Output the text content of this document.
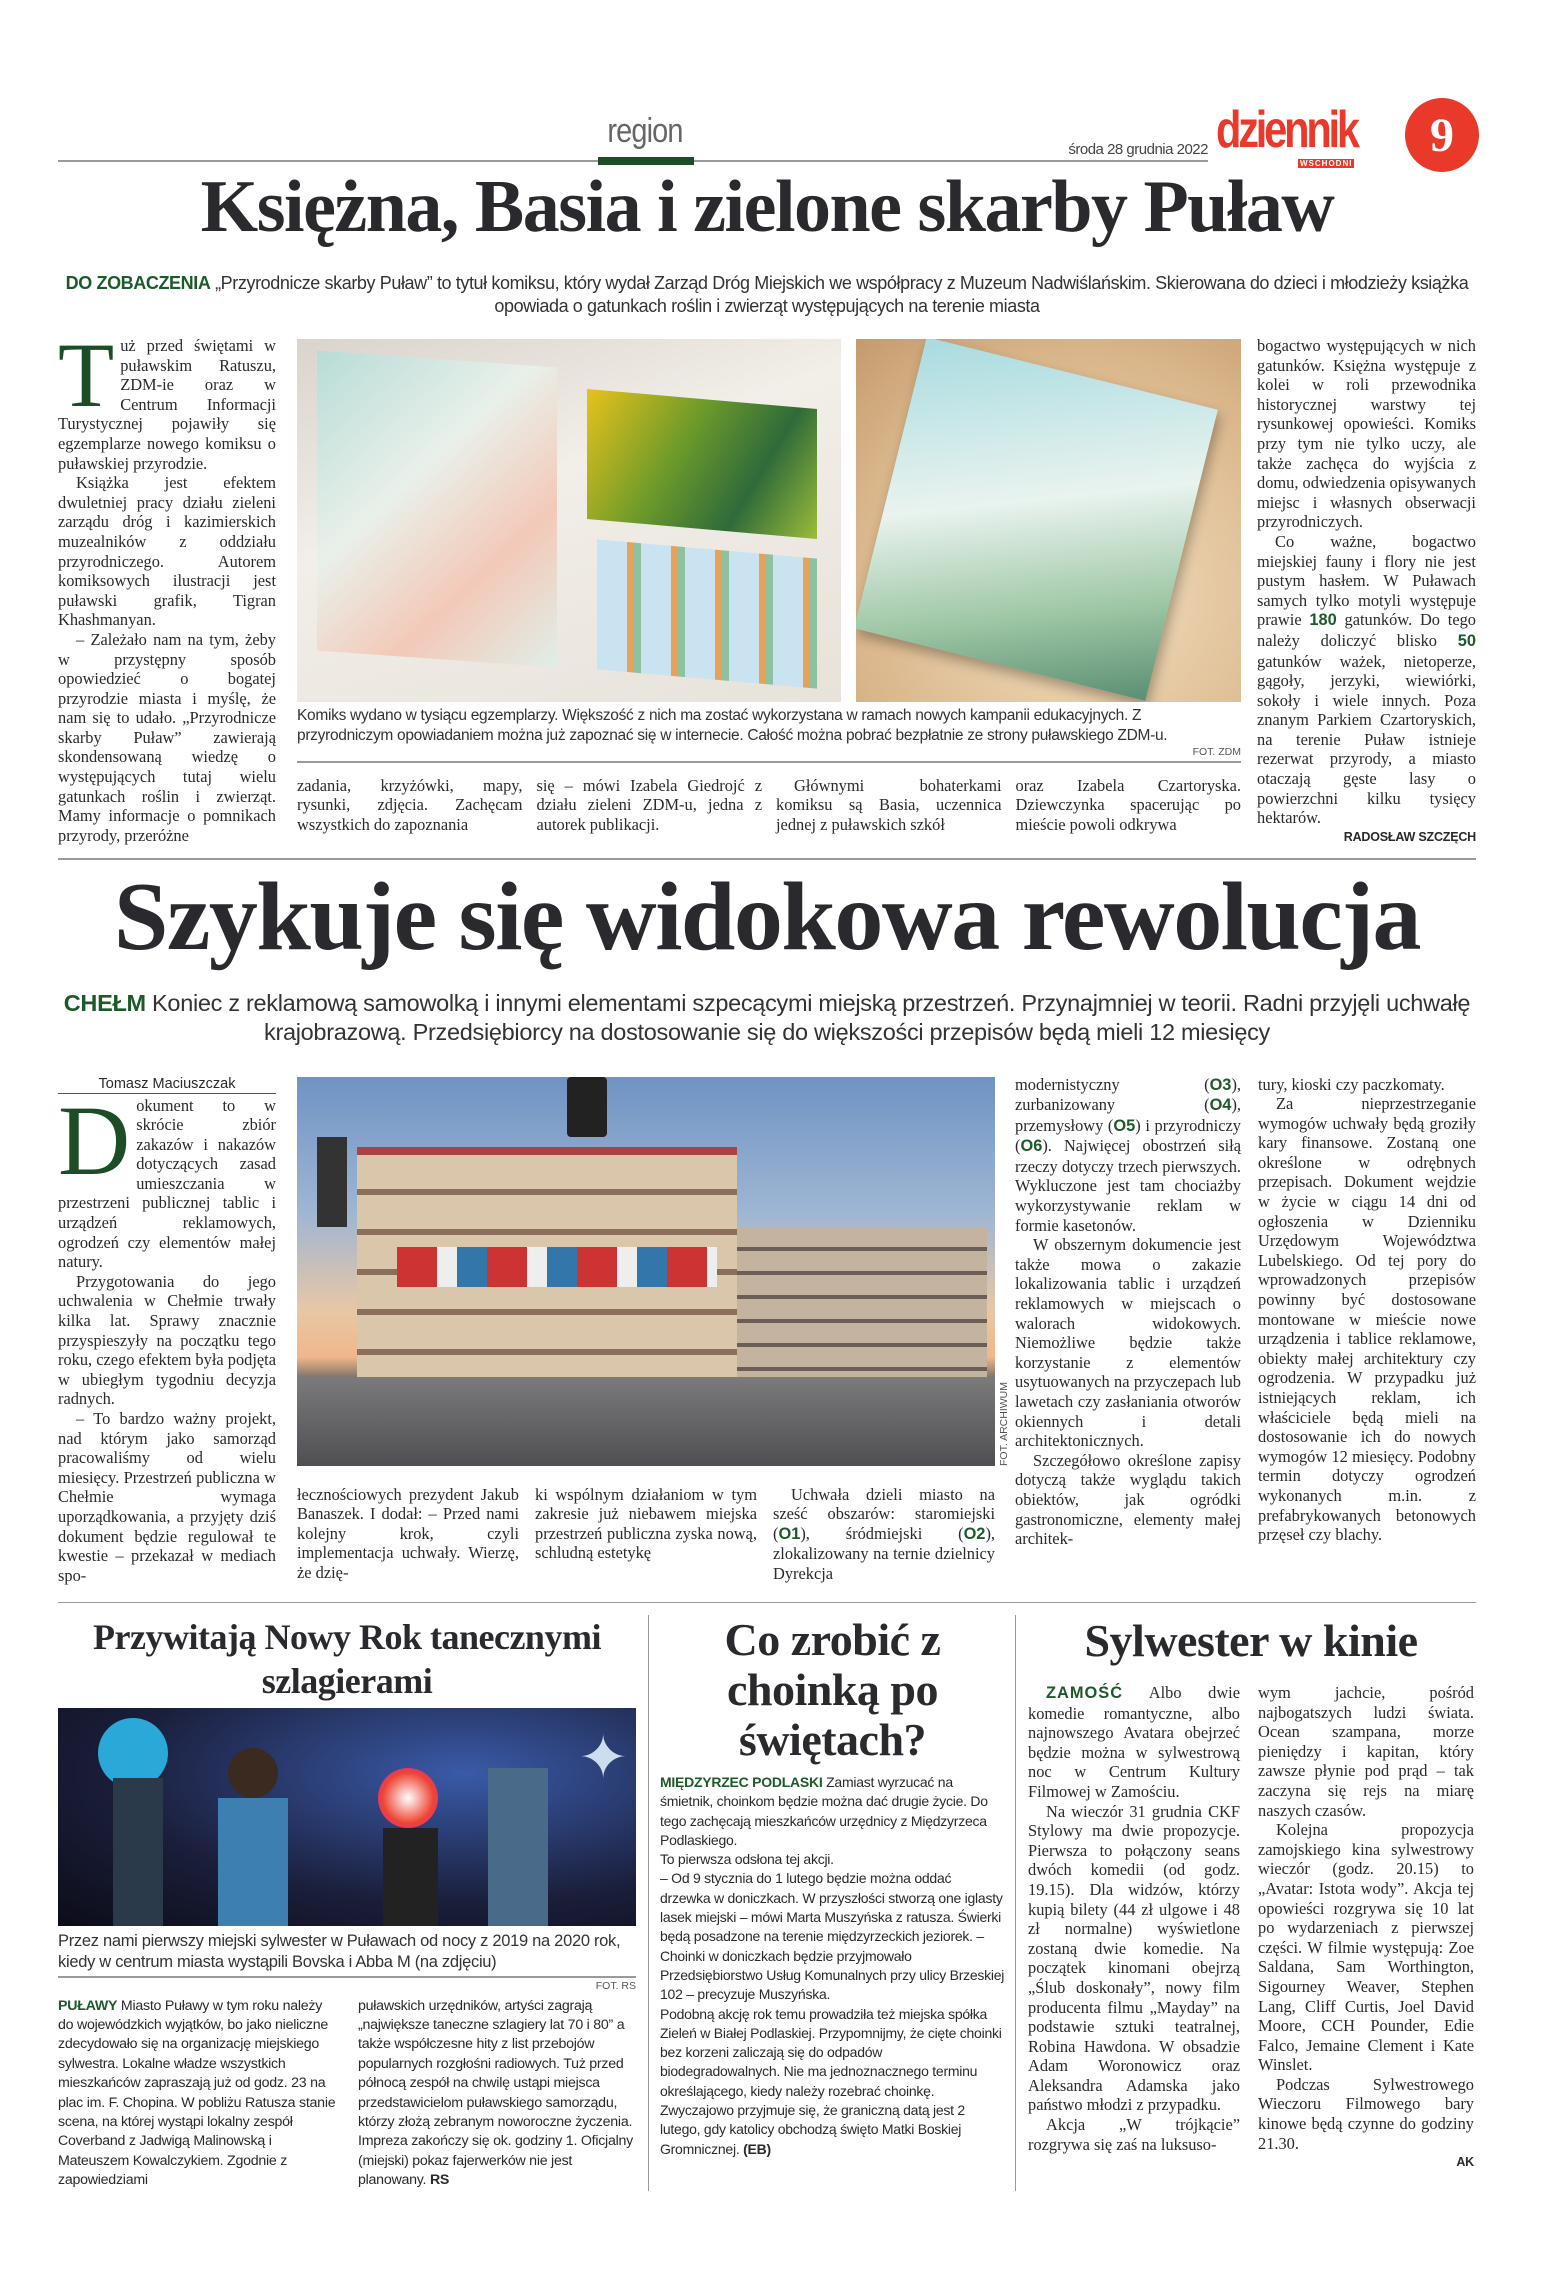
region	środa 28 grudnia 2022 dziennik
WSCHODNI
9
Księżna, Basia i zielone skarby Puław
DO ZOBACZENIA „Przyrodnicze skarby Puław” to tytuł komiksu, który wydał Zarząd Dróg Miejskich we współpracy z Muzeum Nadwiślańskim. Skierowana do dzieci i młodzieży książka opowiada o gatunkach roślin i zwierząt występujących na terenie miasta
T uż przed świętami w puławskim Ratuszu, ZDM-ie oraz w Centrum Informacji Turystycznej pojawiły się egzemplarze nowego komiksu o puławskiej przyrodzie.

Książka jest efektem dwuletniej pracy działu zieleni zarządu dróg i kazimierskich muzealników z oddziału przyrodniczego. Autorem komiksowych ilustracji jest puławski grafik, Tigran Khashmanyan.

– Zależało nam na tym, żeby w przystępny sposób opowiedzieć o bogatej przyrodzie miasta i myślę, że nam się to udało. „Przyrodnicze skarby Puław” zawierają skondensowaną wiedzę o występujących tutaj wielu gatunkach roślin i zwierząt. Mamy informacje o pomnikach przyrody, przeróżne

Komiks wydano w tysiącu egzemplarzy. Większość z nich ma zostać wykorzystana w ramach nowych kampanii edukacyjnych. Z przyrodniczym opowiadaniem można już zapoznać się w internecie. Całość można pobrać bezpłatnie ze strony puławskiego ZDM-u.
FOT. ZDM

zadania, krzyżówki, mapy, rysunki, zdjęcia. Zachęcam wszystkich do zapoznania

się – mówi Izabela Giedrojć z działu zieleni ZDM-u, jedna z autorek publikacji.

Głównymi bohaterkami komiksu są Basia, uczennica jednej z puławskich szkół

oraz Izabela Czartoryska. Dziewczynka spacerując po mieście powoli odkrywa

bogactwo występujących w nich gatunków. Księżna występuje z kolei w roli przewodnika historycznej warstwy tej rysunkowej opowieści. Komiks przy tym nie tylko uczy, ale także zachęca do wyjścia z domu, odwiedzenia opisywanych miejsc i własnych obserwacji przyrodniczych.

Co ważne, bogactwo miejskiej fauny i flory nie jest pustym hasłem. W Puławach samych tylko motyli występuje prawie 180 gatunków. Do tego należy doliczyć blisko 50 gatunków ważek, nietoperze, gągoły, jerzyki, wiewiórki, sokoły i wiele innych. Poza znanym Parkiem Czartoryskich, na terenie Puław istnieje rezerwat przyrody, a miasto otaczają gęste lasy o powierzchni kilku tysięcy hektarów.

RADOSŁAW SZCZĘCH
Szykuje się widokowa rewolucja
CHEŁM Koniec z reklamową samowolką i innymi elementami szpecącymi miejską przestrzeń. Przynajmniej w teorii. Radni przyjęli uchwałę krajobrazową. Przedsiębiorcy na dostosowanie się do większości przepisów będą mieli 12 miesięcy
Tomasz Maciuszczak
D okument to w skrócie zbiór zakazów i nakazów dotyczących zasad umieszczania w przestrzeni publicznej tablic i urządzeń reklamowych, ogrodzeń czy elementów małej natury.

Przygotowania do jego uchwalenia w Chełmie trwały kilka lat. Sprawy znacznie przyspieszyły na początku tego roku, czego efektem była podjęta w ubiegłym tygodniu decyzja radnych.

– To bardzo ważny projekt, nad którym jako samorząd pracowaliśmy od wielu miesięcy. Przestrzeń publiczna w Chełmie wymaga uporządkowania, a przyjęty dziś dokument będzie regulował te kwestie – przekazał w mediach spo-

FOT. ARCHIWUM

łecznościowych prezydent Jakub Banaszek. I dodał: – Przed nami kolejny krok, czyli implementacja uchwały. Wierzę, że dzię-

ki wspólnym działaniom w tym zakresie już niebawem miejska przestrzeń publiczna zyska nową, schludną estetykę

Uchwała dzieli miasto na sześć obszarów: staromiejski (O1), śródmiejski (O2), zlokalizowany na ternie dzielnicy Dyrekcja

modernistyczny (O3), zurbanizowany (O4), przemysłowy (O5) i przyrodniczy (O6). Najwięcej obostrzeń siłą rzeczy dotyczy trzech pierwszych. Wykluczone jest tam chociażby wykorzystywanie reklam w formie kasetonów.

W obszernym dokumencie jest także mowa o zakazie lokalizowania tablic i urządzeń reklamowych w miejscach o walorach widokowych. Niemożliwe będzie także korzystanie z elementów usytuowanych na przyczepach lub lawetach czy zasłaniania otworów okiennych i detali architektonicznych.

Szczegółowo określone zapisy dotyczą także wyglądu takich obiektów, jak ogródki gastronomiczne, elementy małej architek-

tury, kioski czy paczkomaty.

Za nieprzestrzeganie wymogów uchwały będą groziły kary finansowe. Zostaną one określone w odrębnych przepisach. Dokument wejdzie w życie w ciągu 14 dni od ogłoszenia w Dzienniku Urzędowym Województwa Lubelskiego. Od tej pory do wprowadzonych przepisów powinny być dostosowane montowane w mieście nowe urządzenia i tablice reklamowe, obiekty małej architektury czy ogrodzenia. W przypadku już istniejących reklam, ich właściciele będą mieli na dostosowanie ich do nowych wymogów 12 miesięcy. Podobny termin dotyczy ogrodzeń wykonanych m.in. z prefabrykowanych betonowych przęseł czy blachy.

Przywitają Nowy Rok tanecznymi szlagierami
✦
Przez nami pierwszy miejski sylwester w Puławach od nocy z 2019 na 2020 rok, kiedy w centrum miasta wystąpili Bovska i Abba M (na zdjęciu)
FOT. RS
PUŁAWY Miasto Puławy w tym roku należy do wojewódzkich wyjątków, bo jako nieliczne zdecydowało się na organizację miejskiego sylwestra. Lokalne władze wszystkich mieszkańców zapraszają już od godz. 23 na plac im. F. Chopina. W pobliżu Ratusza stanie scena, na której wystąpi lokalny zespół Coverband z Jadwigą Malinowską i Mateuszem Kowalczykiem. Zgodnie z zapowiedziami
puławskich urzędników, artyści zagrają „największe taneczne szlagiery lat 70 i 80” a także współczesne hity z list przebojów popularnych rozgłośni radiowych. Tuż przed północą zespół na chwilę ustąpi miejsca przedstawicielom puławskiego samorządu, którzy złożą zebranym noworoczne życzenia. Impreza zakończy się ok. godziny 1. Oficjalny (miejski) pokaz fajerwerków nie jest planowany. RS
Co zrobić z choinką po świętach?
MIĘDZYRZEC PODLASKI Zamiast wyrzucać na śmietnik, choinkom będzie można dać drugie życie. Do tego zachęcają mieszkańców urzędnicy z Międzyrzeca Podlaskiego.
To pierwsza odsłona tej akcji.
– Od 9 stycznia do 1 lutego będzie można oddać drzewka w doniczkach. W przyszłości stworzą one iglasty lasek miejski – mówi Marta Muszyńska z ratusza. Świerki będą posadzone na terenie międzyrzeckich jeziorek. – Choinki w doniczkach będzie przyjmowało Przedsiębiorstwo Usług Komunalnych przy ulicy Brzeskiej 102 – precyzuje Muszyńska.
Podobną akcję rok temu prowadziła też miejska spółka Zieleń w Białej Podlaskiej. Przypomnijmy, że cięte choinki bez korzeni zaliczają się do odpadów biodegradowalnych. Nie ma jednoznacznego terminu określającego, kiedy należy rozebrać choinkę. Zwyczajowo przyjmuje się, że graniczną datą jest 2 lutego, gdy katolicy obchodzą święto Matki Boskiej Gromnicznej. (EB)
Sylwester w kinie

ZAMOŚĆ Albo dwie komedie romantyczne, albo najnowszego Avatara obejrzeć będzie można w sylwestrową noc w Centrum Kultury Filmowej w Zamościu.

Na wieczór 31 grudnia CKF Stylowy ma dwie propozycje. Pierwsza to połączony seans dwóch komedii (od godz. 19.15). Dla widzów, którzy kupią bilety (44 zł ulgowe i 48 zł normalne) wyświetlone zostaną dwie komedie. Na początek kinomani obejrzą „Ślub doskonały”, nowy film producenta filmu „Mayday” na podstawie sztuki teatralnej, Robina Hawdona. W obsadzie Adam Woronowicz oraz Aleksandra Adamska jako państwo młodzi z przypadku.

Akcja „W trójkącie” rozgrywa się zaś na luksuso-

wym jachcie, pośród najbogatszych ludzi świata. Ocean szampana, morze pieniędzy i kapitan, który zawsze płynie pod prąd – tak zaczyna się rejs na miarę naszych czasów.

Kolejna propozycja zamojskiego kina sylwestrowy wieczór (godz. 20.15) to „Avatar: Istota wody”. Akcja tej opowieści rozgrywa się 10 lat po wydarzeniach z pierwszej części. W filmie występują: Zoe Saldana, Sam Worthington, Sigourney Weaver, Stephen Lang, Cliff Curtis, Joel David Moore, CCH Pounder, Edie Falco, Jemaine Clement i Kate Winslet.

Podczas Sylwestrowego Wieczoru Filmowego bary kinowe będą czynne do godziny 21.30.

AK
